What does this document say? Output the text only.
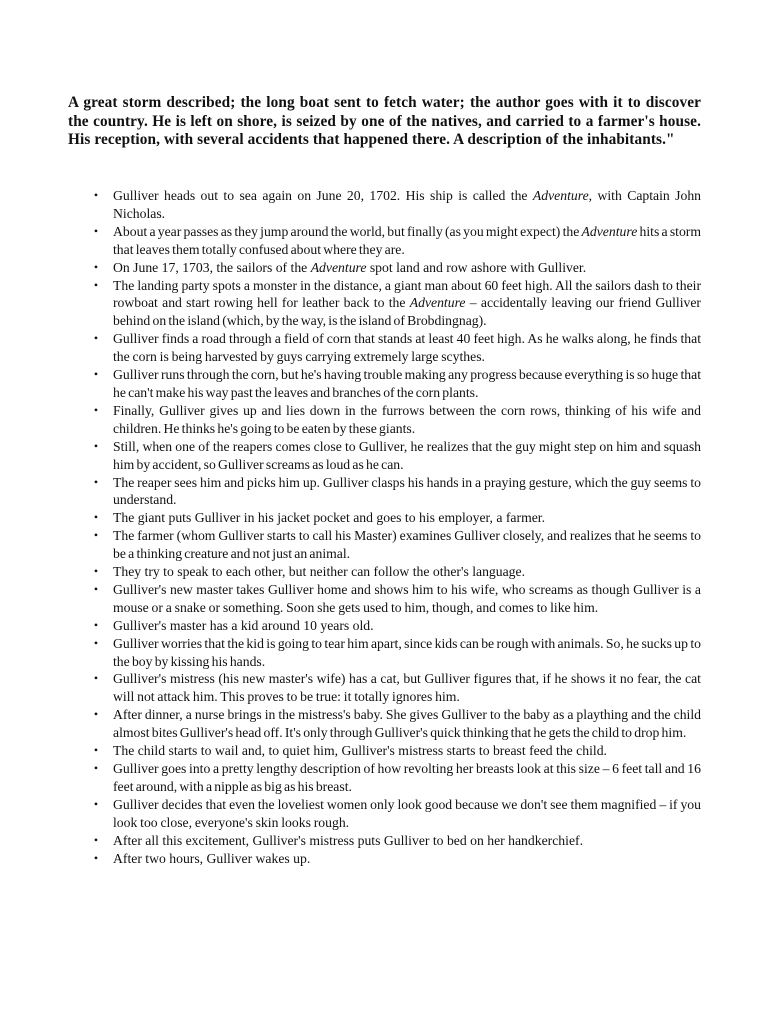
A great storm described; the long boat sent to fetch water; the author goes with it to discover the country. He is left on shore, is seized by one of the natives, and carried to a farmer's house. His reception, with several accidents that happened there. A description of the inhabitants."

• Gulliver heads out to sea again on June 20, 1702. His ship is called the Adventure, with Captain John Nicholas.

• About a year passes as they jump around the world, but finally (as you might expect) the Adventure hits a storm that leaves them totally confused about where they are.

• On June 17, 1703, the sailors of the Adventure spot land and row ashore with Gulliver.

• The landing party spots a monster in the distance, a giant man about 60 feet high. All the sailors dash to their rowboat and start rowing hell for leather back to the Adventure – accidentally leaving our friend Gulliver behind on the island (which, by the way, is the island of Brobdingnag).

• Gulliver finds a road through a field of corn that stands at least 40 feet high. As he walks along, he finds that the corn is being harvested by guys carrying extremely large scythes.

• Gulliver runs through the corn, but he's having trouble making any progress because everything is so huge that he can't make his way past the leaves and branches of the corn plants.

• Finally, Gulliver gives up and lies down in the furrows between the corn rows, thinking of his wife and children. He thinks he's going to be eaten by these giants.

• Still, when one of the reapers comes close to Gulliver, he realizes that the guy might step on him and squash him by accident, so Gulliver screams as loud as he can.

• The reaper sees him and picks him up. Gulliver clasps his hands in a praying gesture, which the guy seems to understand.

• The giant puts Gulliver in his jacket pocket and goes to his employer, a farmer.

• The farmer (whom Gulliver starts to call his Master) examines Gulliver closely, and realizes that he seems to be a thinking creature and not just an animal.

• They try to speak to each other, but neither can follow the other's language.

• Gulliver's new master takes Gulliver home and shows him to his wife, who screams as though Gulliver is a mouse or a snake or something. Soon she gets used to him, though, and comes to like him.

• Gulliver's master has a kid around 10 years old.

• Gulliver worries that the kid is going to tear him apart, since kids can be rough with animals. So, he sucks up to the boy by kissing his hands.

• Gulliver's mistress (his new master's wife) has a cat, but Gulliver figures that, if he shows it no fear, the cat will not attack him. This proves to be true: it totally ignores him.

• After dinner, a nurse brings in the mistress's baby. She gives Gulliver to the baby as a plaything and the child almost bites Gulliver's head off. It's only through Gulliver's quick thinking that he gets the child to drop him.

• The child starts to wail and, to quiet him, Gulliver's mistress starts to breast feed the child.

• Gulliver goes into a pretty lengthy description of how revolting her breasts look at this size – 6 feet tall and 16 feet around, with a nipple as big as his breast.

• Gulliver decides that even the loveliest women only look good because we don't see them magnified – if you look too close, everyone's skin looks rough.

• After all this excitement, Gulliver's mistress puts Gulliver to bed on her handkerchief.

• After two hours, Gulliver wakes up.
